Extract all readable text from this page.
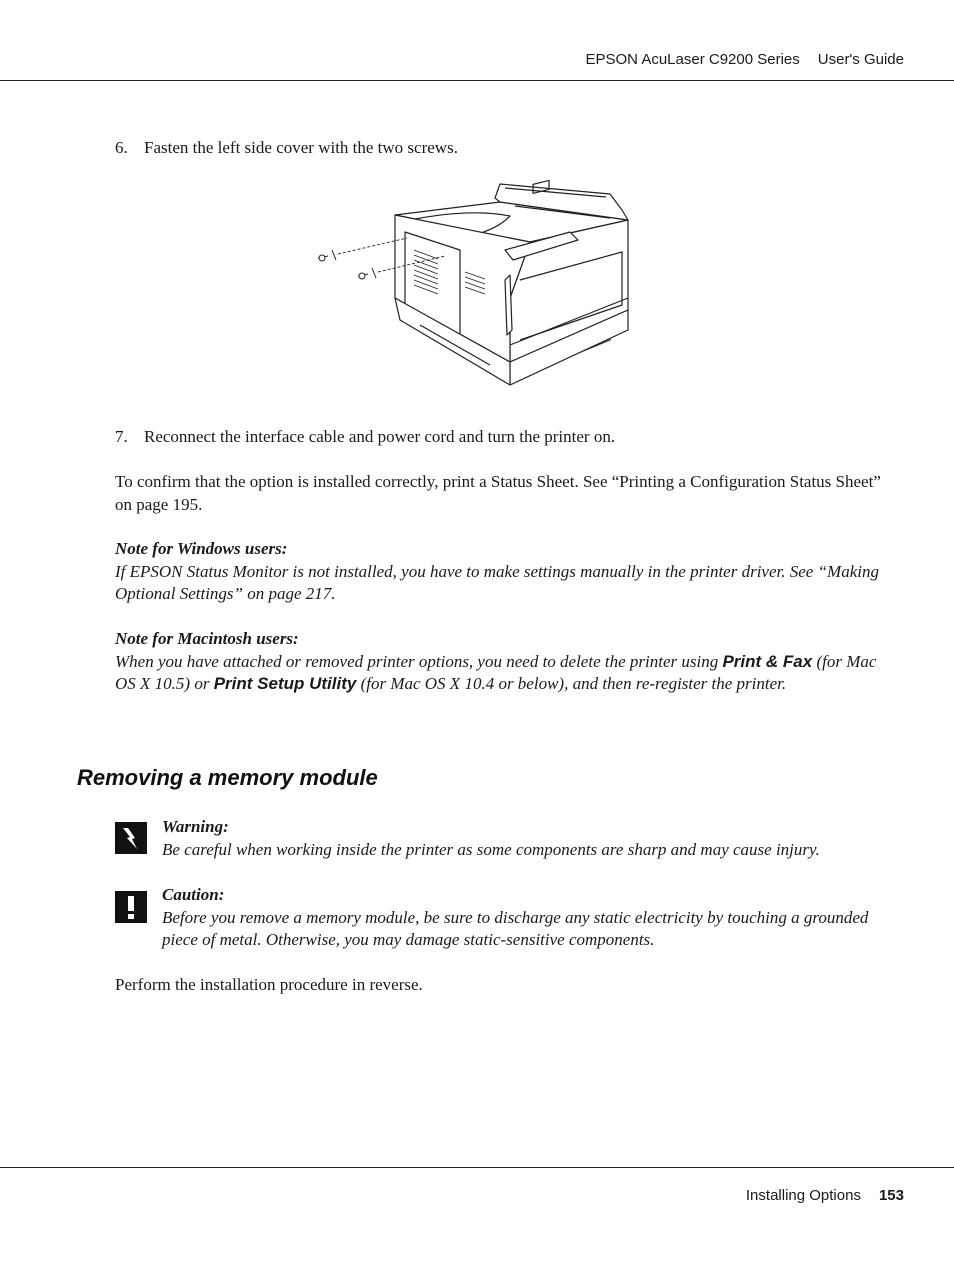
EPSON AcuLaser C9200 Series User's Guide
6. Fasten the left side cover with the two screws.
7. Reconnect the interface cable and power cord and turn the printer on.
To confirm that the option is installed correctly, print a Status Sheet. See “Printing a Configuration Status Sheet” on page 195.
Note for Windows users:
If EPSON Status Monitor is not installed, you have to make settings manually in the printer driver. See “Making Optional Settings” on page 217.
Note for Macintosh users:
When you have attached or removed printer options, you need to delete the printer using Print & Fax (for Mac OS X 10.5) or Print Setup Utility (for Mac OS X 10.4 or below), and then re-register the printer.
Removing a memory module
Warning:
Be careful when working inside the printer as some components are sharp and may cause injury.
Caution:
Before you remove a memory module, be sure to discharge any static electricity by touching a grounded piece of metal. Otherwise, you may damage static-sensitive components.
Perform the installation procedure in reverse.
Installing Options 153
